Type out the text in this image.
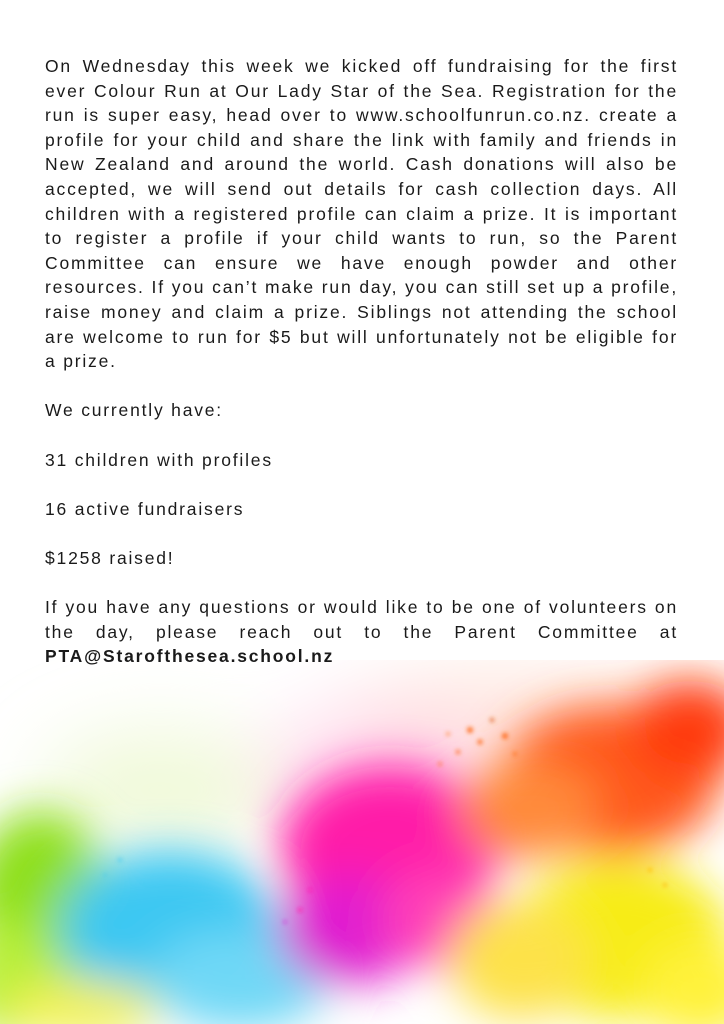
On Wednesday this week we kicked off fundraising for the first ever Colour Run at Our Lady Star of the Sea. Registration for the run is super easy, head over to www.schoolfunrun.co.nz. create a profile for your child and share the link with family and friends in New Zealand and around the world. Cash donations will also be accepted, we will send out details for cash collection days. All children with a registered profile can claim a prize. It is important to register a profile if your child wants to run, so the Parent Committee can ensure we have enough powder and other resources. If you can’t make run day, you can still set up a profile, raise money and claim a prize. Siblings not attending the school are welcome to run for $5 but will unfortunately not be eligible for a prize.

We currently have:

31 children with profiles

16 active fundraisers

$1258 raised!

If you have any questions or would like to be one of volunteers on the day, please reach out to the Parent Committee at PTA@Starofthesea.school.nz
